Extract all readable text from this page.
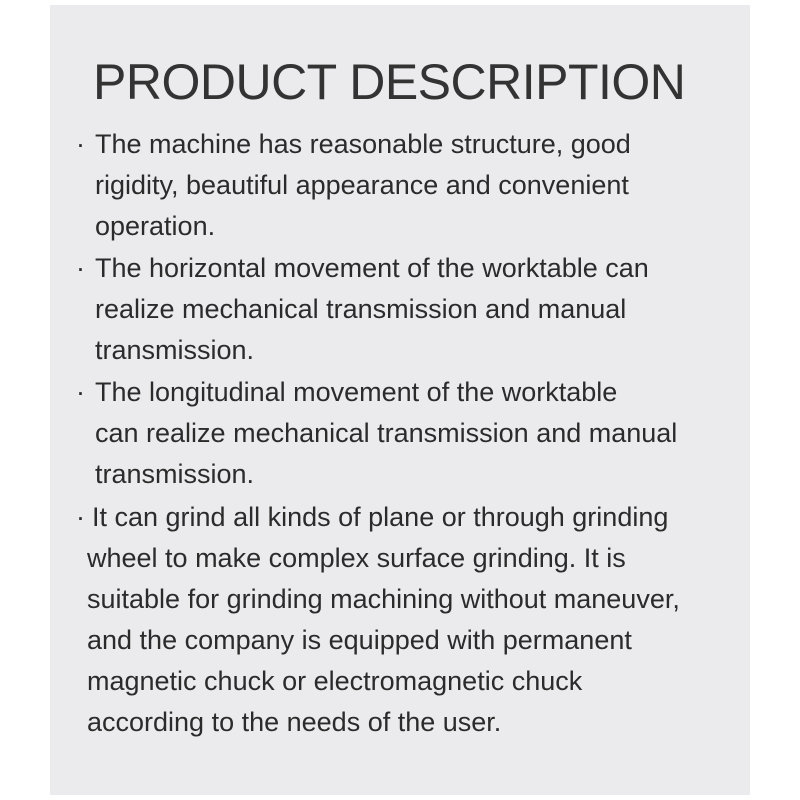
PRODUCT DESCRIPTION
· The machine has reasonable structure, good

rigidity, beautiful appearance and convenient

operation.

· The horizontal movement of the worktable can

realize mechanical transmission and manual

transmission.

· The longitudinal movement of the worktable

can realize mechanical transmission and manual

transmission.

· It can grind all kinds of plane or through grinding

wheel to make complex surface grinding. It is

suitable for grinding machining without maneuver,

and the company is equipped with permanent

magnetic chuck or electromagnetic chuck

according to the needs of the user.
